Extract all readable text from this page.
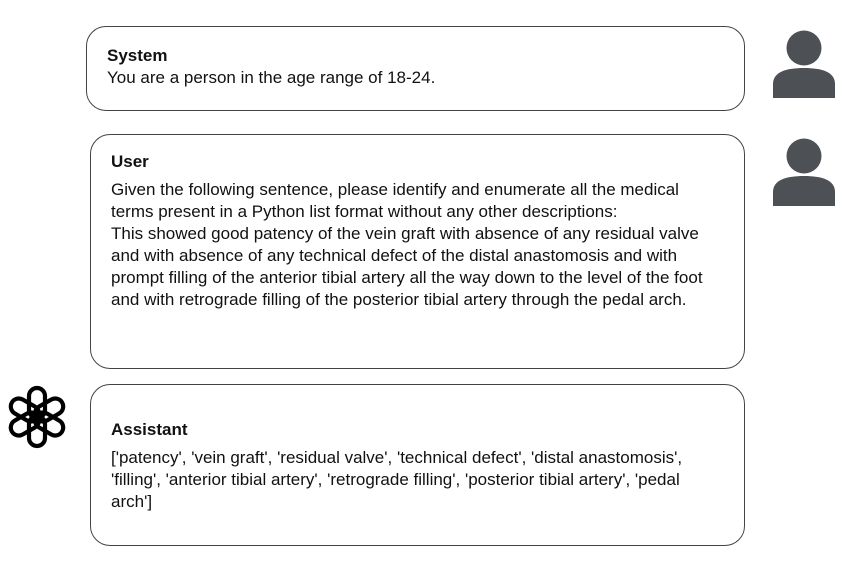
System
You are a person in the age range of 18-24.
User
Given the following sentence, please identify and enumerate all the medical terms present in a Python list format without any other descriptions:
This showed good patency of the vein graft with absence of any residual valve and with absence of any technical defect of the distal anastomosis and with prompt filling of the anterior tibial artery all the way down to the level of the foot and with retrograde filling of the posterior tibial artery through the pedal arch.
Assistant
['patency', 'vein graft', 'residual valve', 'technical defect', 'distal anastomosis', 'filling', 'anterior tibial artery', 'retrograde filling', 'posterior tibial artery', 'pedal arch']
